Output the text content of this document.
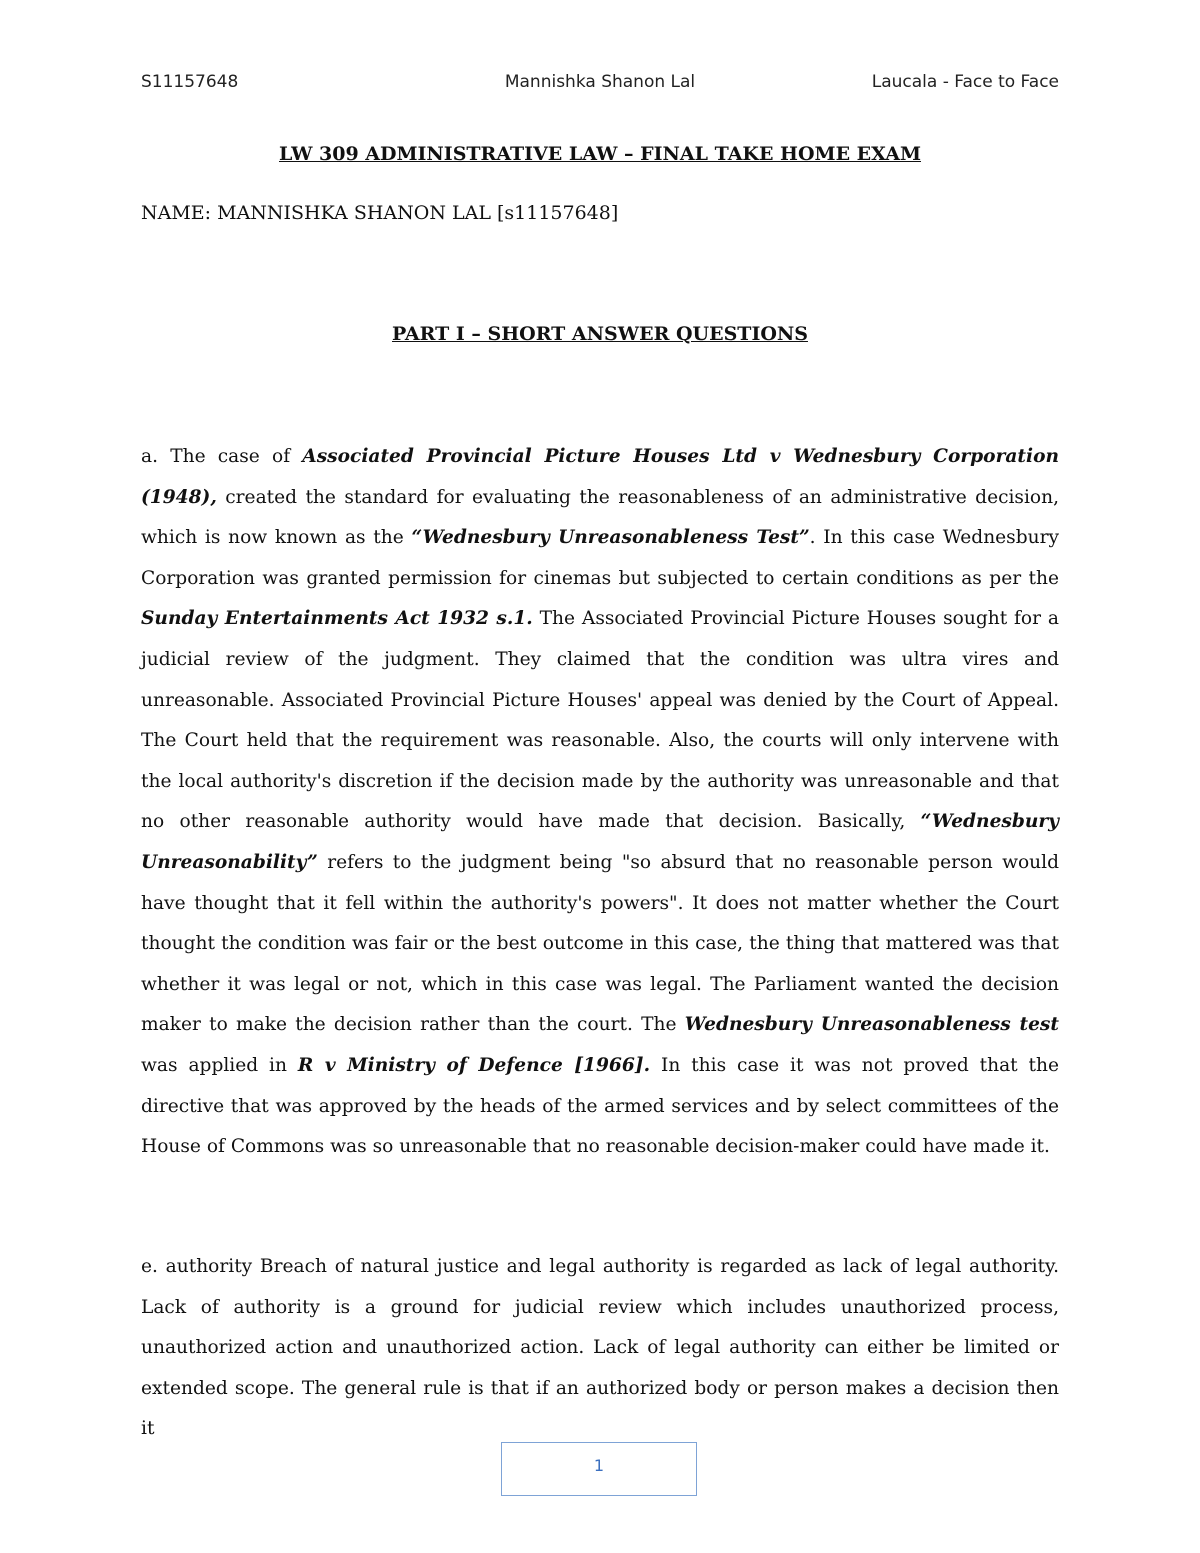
S11157648	Mannishka Shanon Lal	Laucala - Face to Face
LW 309 ADMINISTRATIVE LAW – FINAL TAKE HOME EXAM

NAME: MANNISHKA SHANON LAL [s11157648]

PART I – SHORT ANSWER QUESTIONS

a. The case of Associated Provincial Picture Houses Ltd v Wednesbury Corporation (1948), created the standard for evaluating the reasonableness of an administrative decision, which is now known as the “Wednesbury Unreasonableness Test”. In this case Wednesbury Corporation was granted permission for cinemas but subjected to certain conditions as per the Sunday Entertainments Act 1932 s.1. The Associated Provincial Picture Houses sought for a judicial review of the judgment. They claimed that the condition was ultra vires and unreasonable. Associated Provincial Picture Houses' appeal was denied by the Court of Appeal. The Court held that the requirement was reasonable. Also, the courts will only intervene with the local authority's discretion if the decision made by the authority was unreasonable and that no other reasonable authority would have made that decision. Basically, “Wednesbury Unreasonability” refers to the judgment being "so absurd that no reasonable person would have thought that it fell within the authority's powers". It does not matter whether the Court thought the condition was fair or the best outcome in this case, the thing that mattered was that whether it was legal or not, which in this case was legal. The Parliament wanted the decision maker to make the decision rather than the court. The Wednesbury Unreasonableness test was applied in R v Ministry of Defence [1966]. In this case it was not proved that the directive that was approved by the heads of the armed services and by select committees of the House of Commons was so unreasonable that no reasonable decision-maker could have made it.

e. authority Breach of natural justice and legal authority is regarded as lack of legal authority. Lack of authority is a ground for judicial review which includes unauthorized process, unauthorized action and unauthorized action. Lack of legal authority can either be limited or extended scope. The general rule is that if an authorized body or person makes a decision then it

1
